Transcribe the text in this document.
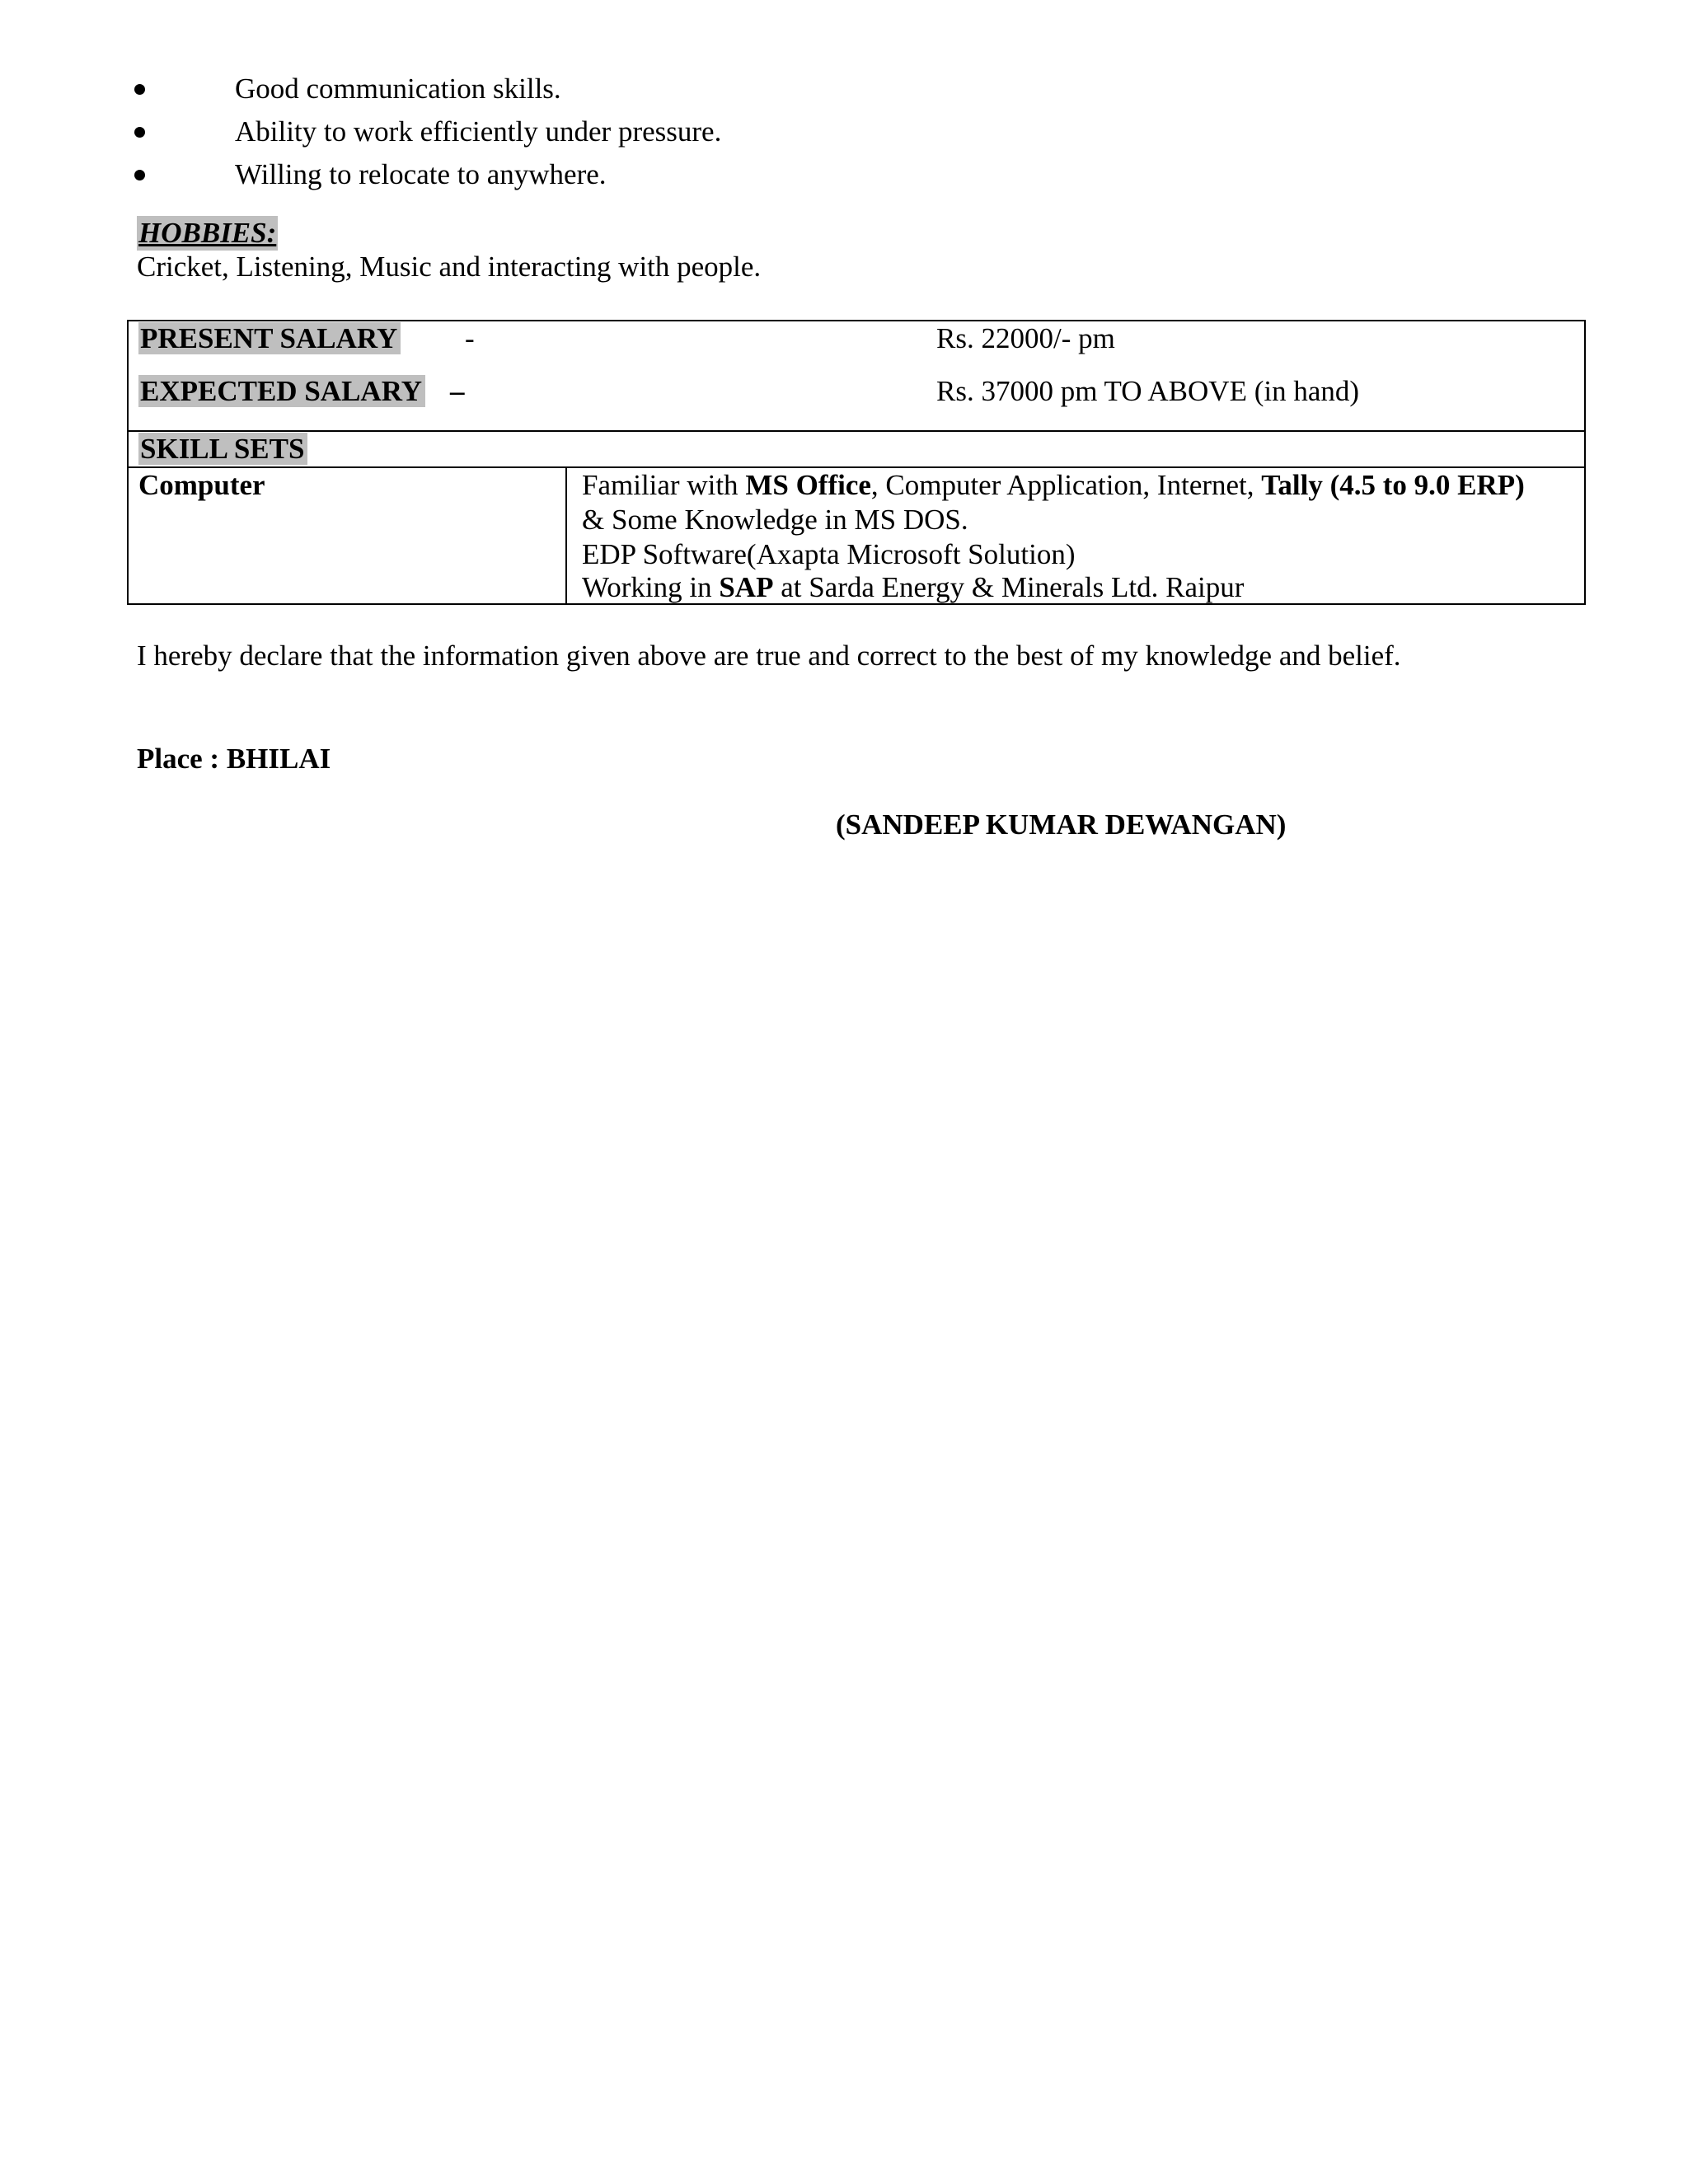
Good communication skills.
Ability to work efficiently under pressure.
Willing to relocate to anywhere.
HOBBIES:
Cricket, Listening, Music and interacting with people.
PRESENT SALARY -	Rs. 22000/- pm
EXPECTED SALARY –	Rs. 37000 pm TO ABOVE (in hand)
SKILL SETS
Computer	Familiar with MS Office, Computer Application, Internet, Tally (4.5 to 9.0 ERP)
& Some Knowledge in MS DOS.
EDP Software(Axapta Microsoft Solution)
Working in SAP at Sarda Energy & Minerals Ltd. Raipur
I hereby declare that the information given above are true and correct to the best of my knowledge and belief.
Place : BHILAI
(SANDEEP KUMAR DEWANGAN)
